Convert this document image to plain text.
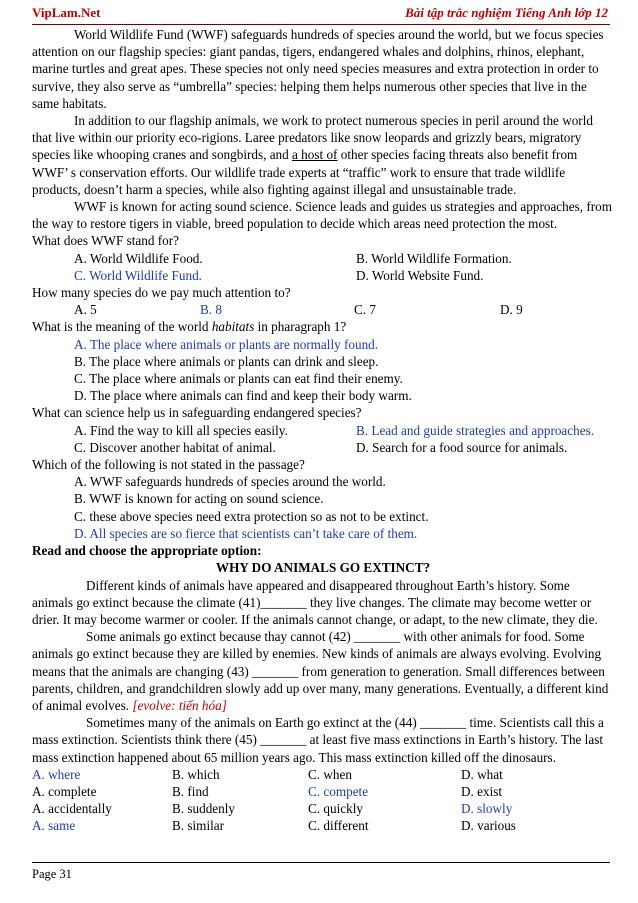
VipLam.Net	Bài tập trắc nghiệm Tiếng Anh lớp 12

World Wildlife Fund (WWF) safeguards hundreds of species around the world, but we focus species attention on our flagship species: giant pandas, tigers, endangered whales and dolphins, rhinos, elephant, marine turtles and great apes. These species not only need species measures and extra protection in order to survive, they also serve as “umbrella” species: helping them helps numerous other species that live in the same habitats.

In addition to our flagship animals, we work to protect numerous species in peril around the world that live within our priority eco-rigions. Laree predators like snow leopards and grizzly bears, migratory species like whooping cranes and songbirds, and a host of other species facing threats also benefit from WWF’ s conservation efforts. Our wildlife trade experts at “traffic” work to ensure that trade wildlife products, doesn’t harm a species, while also fighting against illegal and unsustainable trade.

WWF is known for acting sound science. Science leads and guides us strategies and approaches, from the way to restore tigers in viable, breed population to decide which areas need protection the most.

What does WWF stand for?

A. World Wildlife Food.	B. World Wildlife Formation.
C. World Wildlife Fund.	D. World Website Fund.

How many species do we pay much attention to?

A. 5	B. 8	C. 7	D. 9

What is the meaning of the world habitats in pharagraph 1?

A. The place where animals or plants are normally found.

B. The place where animals or plants can drink and sleep.

C. The place where animals or plants can eat find their enemy.

D. The place where animals can find and keep their body warm.

What can science help us in safeguarding endangered species?

A. Find the way to kill all species easily.	B. Lead and guide strategies and approaches.
C. Discover another habitat of animal.	D. Search for a food source for animals.

Which of the following is not stated in the passage?

A. WWF safeguards hundreds of species around the world.

B. WWF is known for acting on sound science.

C. these above species need extra protection so as not to be extinct.

D. All species are so fierce that scientists can’t take care of them.

Read and choose the appropriate option:

WHY DO ANIMALS GO EXTINCT?

Different kinds of animals have appeared and disappeared throughout Earth’s history. Some animals go extinct because the climate (41)_______ they live changes. The climate may become wetter or drier. It may become warmer or cooler. If the animals cannot change, or adapt, to the new climate, they die.

Some animals go extinct because thay cannot (42) _______ with other animals for food. Some animals go extinct because they are killed by enemies. New kinds of animals are always evolving. Evolving means that the animals are changing (43) _______ from generation to generation. Small differences between parents, children, and grandchildren slowly add up over many, many generations. Eventually, a different kind of animal evolves. [evolve: tiến hóa]

Sometimes many of the animals on Earth go extinct at the (44) _______ time. Scientists call this a mass extinction. Scientists think there (45) _______ at least five mass extinctions in Earth’s history. The last mass extinction happened about 65 million years ago. This mass extinction killed off the dinosaurs.

A. where	B. which	C. when	D. what
A. complete	B. find	C. compete	D. exist
A. accidentally	B. suddenly	C. quickly	D. slowly
A. same	B. similar	C. different	D. various
Page 31
